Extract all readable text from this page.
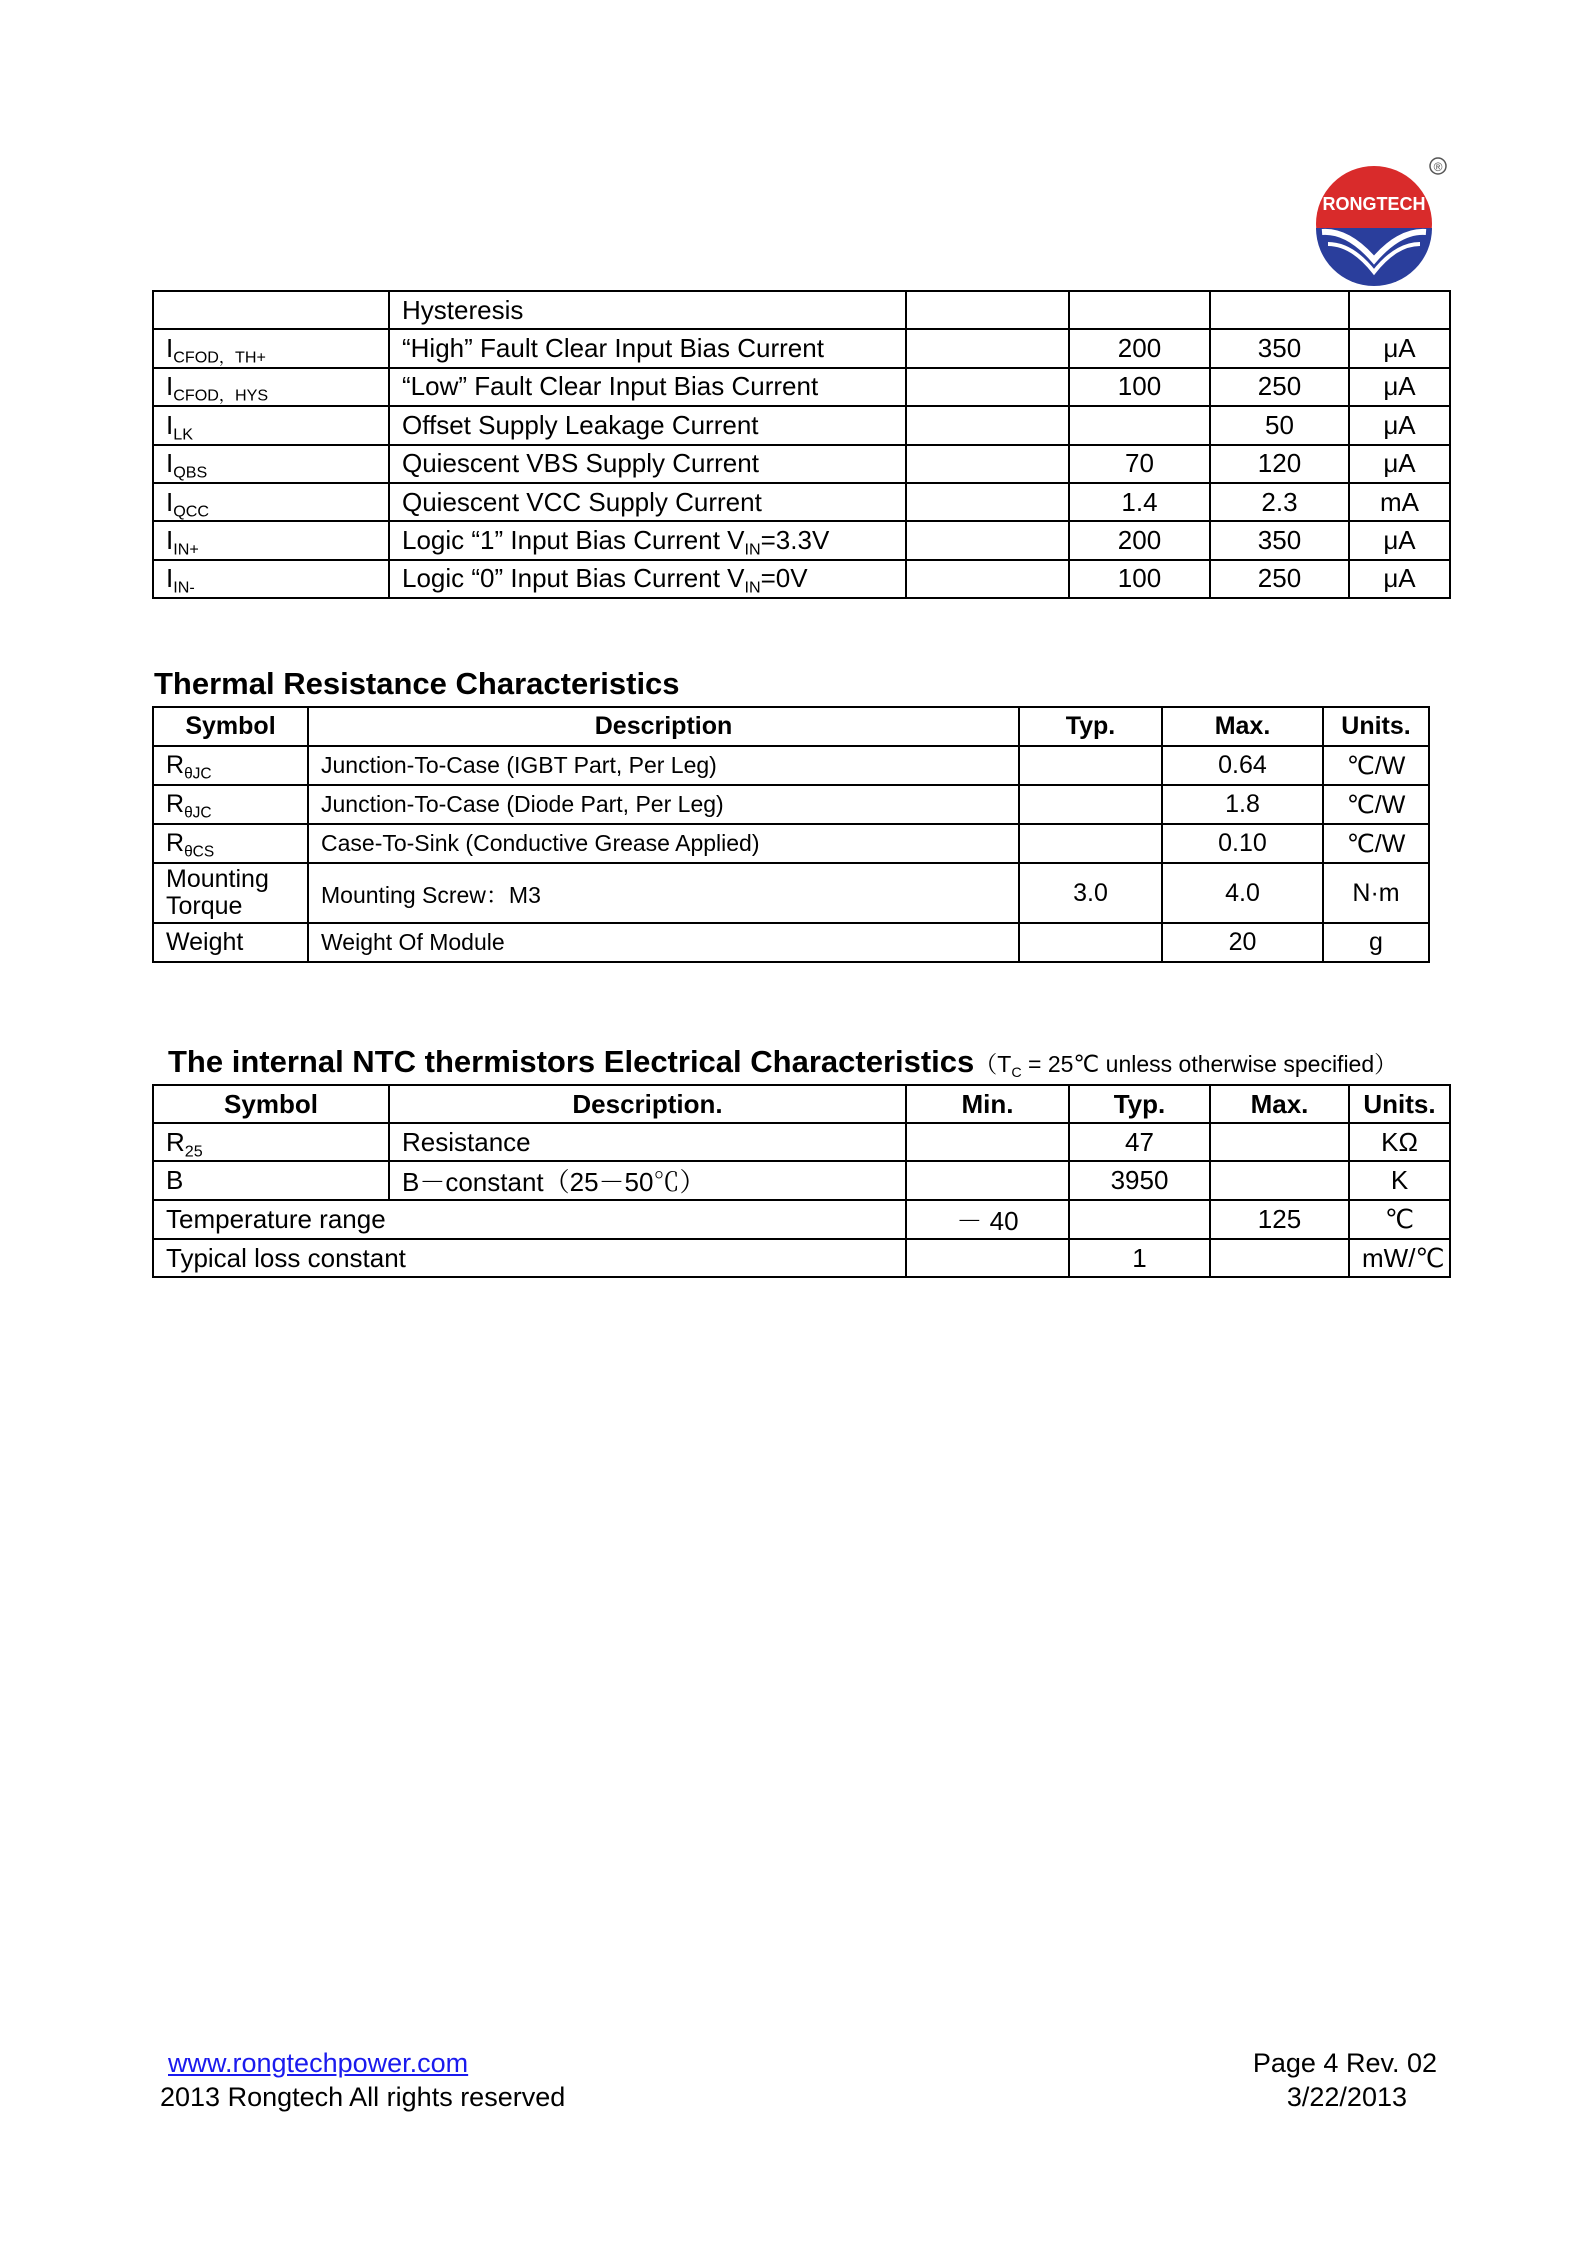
RONGTECH
®
	Hysteresis				
$I_{CFOD,TH+}$	“High” Fault Clear Input Bias Current		200	350	μA
$I_{CFOD,HYS}$	“Low” Fault Clear Input Bias Current		100	250	μA
$I_{LK}$	Offset Supply Leakage Current			50	μA
$I_{QBS}$	Quiescent VBS Supply Current		70	120	μA
$I_{QCC}$	Quiescent VCC Supply Current		1.4	2.3	mA
$I_{IN+}$	Logic “1” Input Bias Current $V_{IN}=3.3V$		200	350	μA
$I_{IN-}$	Logic “0” Input Bias Current $V_{IN}=0V$		100	250	μA
Thermal Resistance Characteristics
Symbol	Description	Typ.	Max.	Units.
$R_{\theta JC}$	Junction-To-Case (IGBT Part, Per Leg)		0.64	℃/W
$R_{\theta JC}$	Junction-To-Case (Diode Part, Per Leg)		1.8	℃/W
$R_{\theta CS}$	Case-To-Sink (Conductive Grease Applied)		0.10	℃/W
Mounting Torque	Mounting Screw：M3	3.0	4.0	N·m
Weight	Weight Of Module		20	g
The internal NTC thermistors Electrical $Characteristics(T_C$ = 25℃ unless otherwise specified）
Symbol	Description.	Min.	Typ.	Max.	Units.
$R_{25}$	Resistance		47		KΩ
B	B－constant（25－50℃）		3950		K
Temperature range		－ 40		125	℃
Typical loss constant			1		mW/℃
www.rongtechpower.com
2013 Rongtech All rights reserved
Page 4 Rev. 02
3/22/2013
